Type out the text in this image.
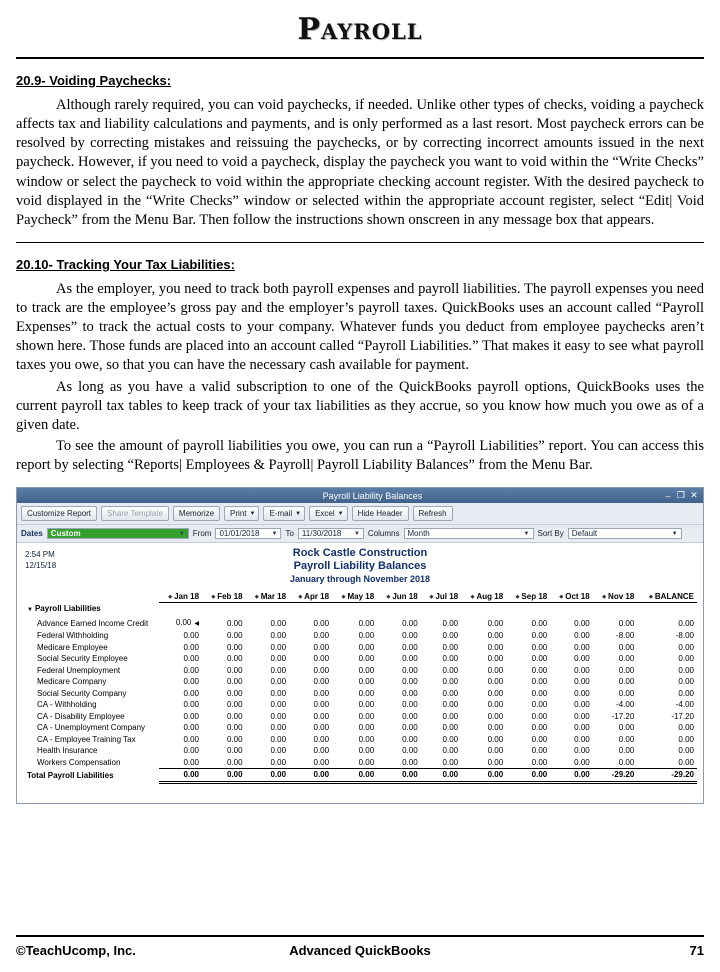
Payroll
20.9- Voiding Paychecks:

Although rarely required, you can void paychecks, if needed. Unlike other types of checks, voiding a paycheck affects tax and liability calculations and payments, and is only performed as a last resort. Most paycheck errors can be resolved by correcting mistakes and reissuing the paychecks, or by correcting incorrect amounts issued in the next paycheck. However, if you need to void a paycheck, display the paycheck you want to void within the “Write Checks” window or select the paycheck to void within the appropriate checking account register. With the desired paycheck to void displayed in the “Write Checks” window or selected within the appropriate account register, select “Edit| Void Paycheck” from the Menu Bar. Then follow the instructions shown onscreen in any message box that appears.

20.10- Tracking Your Tax Liabilities:

As the employer, you need to track both payroll expenses and payroll liabilities. The payroll expenses you need to track are the employee’s gross pay and the employer’s payroll taxes. QuickBooks uses an account called “Payroll Expenses” to track the actual costs to your company. Whatever funds you deduct from employee paychecks aren’t shown here. Those funds are placed into an account called “Payroll Liabilities.” That makes it easy to see what payroll taxes you owe, so that you can have the necessary cash available for payment.

As long as you have a valid subscription to one of the QuickBooks payroll options, QuickBooks uses the current payroll tax tables to keep track of your tax liabilities as they accrue, so you know how much you owe as of a given date.

To see the amount of payroll liabilities you owe, you can run a “Payroll Liabilities” report. You can access this report by selecting “Reports| Employees & Payroll| Payroll Liability Balances” from the Menu Bar.

Payroll Liability Balances	– ❐ ✕
Customize Report	Share Template	Memorize	Print ▼ E-mail ▼ Excel ▼	Hide Header	Refresh
Dates Custom	▼ From 01/01/2018 ▼ To 11/30/2018 ▼ Columns Month	▼ Sort By Default	▼
2:54 PM
12/15/18
Rock Castle Construction
Payroll Liability Balances
January through November 2018
	◆ Jan 18	◆ Feb 18	◆ Mar 18	◆ Apr 18	◆ May 18	◆ Jun 18	◆ Jul 18	◆ Aug 18	◆ Sep 18	◆ Oct 18	◆ Nov 18	◆ BALANCE
▼ Payroll Liabilities												
Advance Earned Income Credit	0.00 ◀	0.00	0.00	0.00	0.00	0.00	0.00	0.00	0.00	0.00	0.00	0.00
Federal Withholding	0.00	0.00	0.00	0.00	0.00	0.00	0.00	0.00	0.00	0.00	-8.00	-8.00
Medicare Employee	0.00	0.00	0.00	0.00	0.00	0.00	0.00	0.00	0.00	0.00	0.00	0.00
Social Security Employee	0.00	0.00	0.00	0.00	0.00	0.00	0.00	0.00	0.00	0.00	0.00	0.00
Federal Unemployment	0.00	0.00	0.00	0.00	0.00	0.00	0.00	0.00	0.00	0.00	0.00	0.00
Medicare Company	0.00	0.00	0.00	0.00	0.00	0.00	0.00	0.00	0.00	0.00	0.00	0.00
Social Security Company	0.00	0.00	0.00	0.00	0.00	0.00	0.00	0.00	0.00	0.00	0.00	0.00
CA - Withholding	0.00	0.00	0.00	0.00	0.00	0.00	0.00	0.00	0.00	0.00	-4.00	-4.00
CA - Disability Employee	0.00	0.00	0.00	0.00	0.00	0.00	0.00	0.00	0.00	0.00	-17.20	-17.20
CA - Unemployment Company	0.00	0.00	0.00	0.00	0.00	0.00	0.00	0.00	0.00	0.00	0.00	0.00
CA - Employee Training Tax	0.00	0.00	0.00	0.00	0.00	0.00	0.00	0.00	0.00	0.00	0.00	0.00
Health Insurance	0.00	0.00	0.00	0.00	0.00	0.00	0.00	0.00	0.00	0.00	0.00	0.00
Workers Compensation	0.00	0.00	0.00	0.00	0.00	0.00	0.00	0.00	0.00	0.00	0.00	0.00
Total Payroll Liabilities	0.00	0.00	0.00	0.00	0.00	0.00	0.00	0.00	0.00	0.00	-29.20	-29.20
©TeachUcomp, Inc.	Advanced QuickBooks	71
